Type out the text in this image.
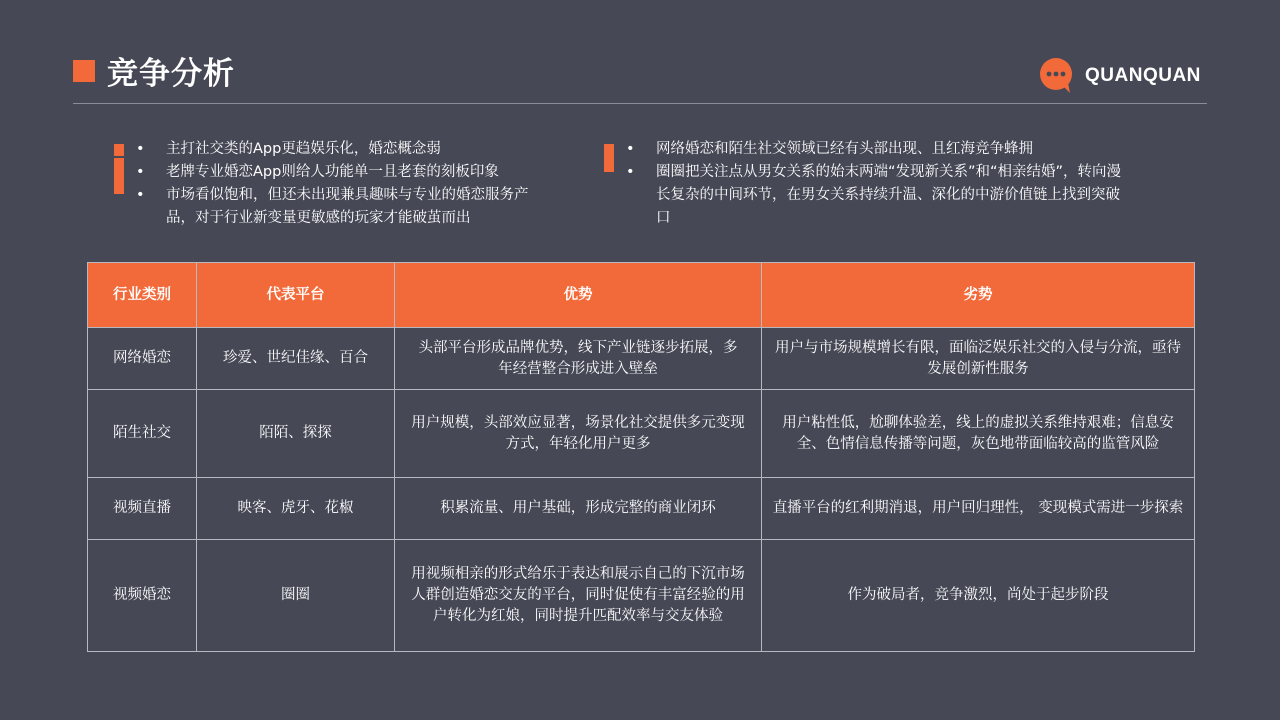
竞争分析	QUANQUAN
• 主打社交类的App更趋娱乐化，婚恋概念弱
• 老牌专业婚恋App则给人功能单一且老套的刻板印象
• 市场看似饱和，但还未出现兼具趣味与专业的婚恋服务产品，对于行业新变量更敏感的玩家才能破茧而出
• 网络婚恋和陌生社交领域已经有头部出现、且红海竞争蜂拥
• 圈圈把关注点从男女关系的始末两端“发现新关系”和“相亲结婚”，转向漫长复杂的中间环节，在男女关系持续升温、深化的中游价值链上找到突破口
行业类别	代表平台	优势	劣势
网络婚恋	珍爱、世纪佳缘、百合	头部平台形成品牌优势，线下产业链逐步拓展，多年经营整合形成进入壁垒	用户与市场规模增长有限，面临泛娱乐社交的入侵与分流，亟待发展创新性服务
陌生社交	陌陌、探探	用户规模，头部效应显著，场景化社交提供多元变现方式，年轻化用户更多	用户粘性低，尬聊体验差，线上的虚拟关系维持艰难；信息安全、色情信息传播等问题，灰色地带面临较高的监管风险
视频直播	映客、虎牙、花椒	积累流量、用户基础，形成完整的商业闭环	直播平台的红利期消退，用户回归理性， 变现模式需进一步探索
视频婚恋	圈圈	用视频相亲的形式给乐于表达和展示自己的下沉市场人群创造婚恋交友的平台，同时促使有丰富经验的用户转化为红娘，同时提升匹配效率与交友体验	作为破局者，竞争激烈，尚处于起步阶段
